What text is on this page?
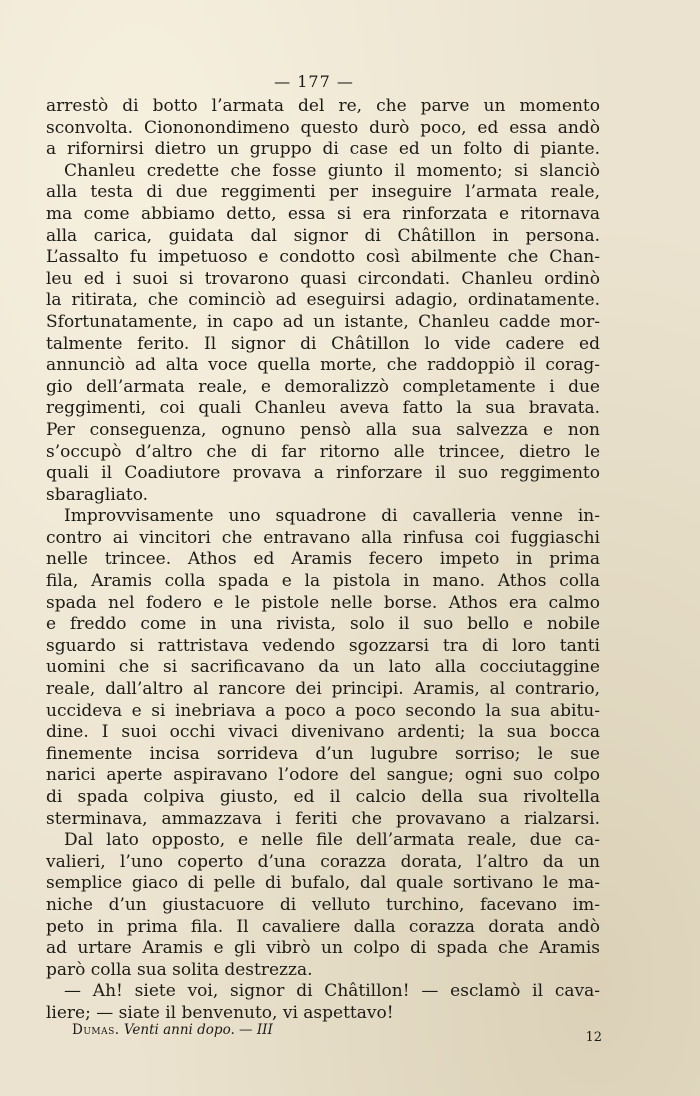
— 177 —
arrestò di botto l’armata del re, che parve un momento
sconvolta. Ciononondimeno questo durò poco, ed essa andò
a rifornirsi dietro un gruppo di case ed un folto di piante.
Chanleu credette che fosse giunto il momento; si slanciò
alla testa di due reggimenti per inseguire l’armata reale,
ma come abbiamo detto, essa si era rinforzata e ritornava
alla carica, guidata dal signor di Châtillon in persona.
L’assalto fu impetuoso e condotto così abilmente che Chan-
leu ed i suoi si trovarono quasi circondati. Chanleu ordinò
la ritirata, che cominciò ad eseguirsi adagio, ordinatamente.
Sfortunatamente, in capo ad un istante, Chanleu cadde mor-
talmente ferito. Il signor di Châtillon lo vide cadere ed
annunciò ad alta voce quella morte, che raddoppiò il corag-
gio dell’armata reale, e demoralizzò completamente i due
reggimenti, coi quali Chanleu aveva fatto la sua bravata.
Per conseguenza, ognuno pensò alla sua salvezza e non
s’occupò d’altro che di far ritorno alle trincee, dietro le
quali il Coadiutore provava a rinforzare il suo reggimento
sbaragliato.
Improvvisamente uno squadrone di cavalleria venne in-
contro ai vincitori che entravano alla rinfusa coi fuggiaschi
nelle trincee. Athos ed Aramis fecero impeto in prima
fila, Aramis colla spada e la pistola in mano. Athos colla
spada nel fodero e le pistole nelle borse. Athos era calmo
e freddo come in una rivista, solo il suo bello e nobile
sguardo si rattristava vedendo sgozzarsi tra di loro tanti
uomini che si sacrificavano da un lato alla cocciutaggine
reale, dall’altro al rancore dei principi. Aramis, al contrario,
uccideva e si inebriava a poco a poco secondo la sua abitu-
dine. I suoi occhi vivaci divenivano ardenti; la sua bocca
finemente incisa sorrideva d’un lugubre sorriso; le sue
narici aperte aspiravano l’odore del sangue; ogni suo colpo
di spada colpiva giusto, ed il calcio della sua rivoltella
sterminava, ammazzava i feriti che provavano a rialzarsi.
Dal lato opposto, e nelle file dell’armata reale, due ca-
valieri, l’uno coperto d’una corazza dorata, l’altro da un
semplice giaco di pelle di bufalo, dal quale sortivano le ma-
niche d’un giustacuore di velluto turchino, facevano im-
peto in prima fila. Il cavaliere dalla corazza dorata andò
ad urtare Aramis e gli vibrò un colpo di spada che Aramis
parò colla sua solita destrezza.
— Ah! siete voi, signor di Châtillon! — esclamò il cava-
liere; — siate il benvenuto, vi aspettavo!
Dumas. Venti anni dopo. — III	12
